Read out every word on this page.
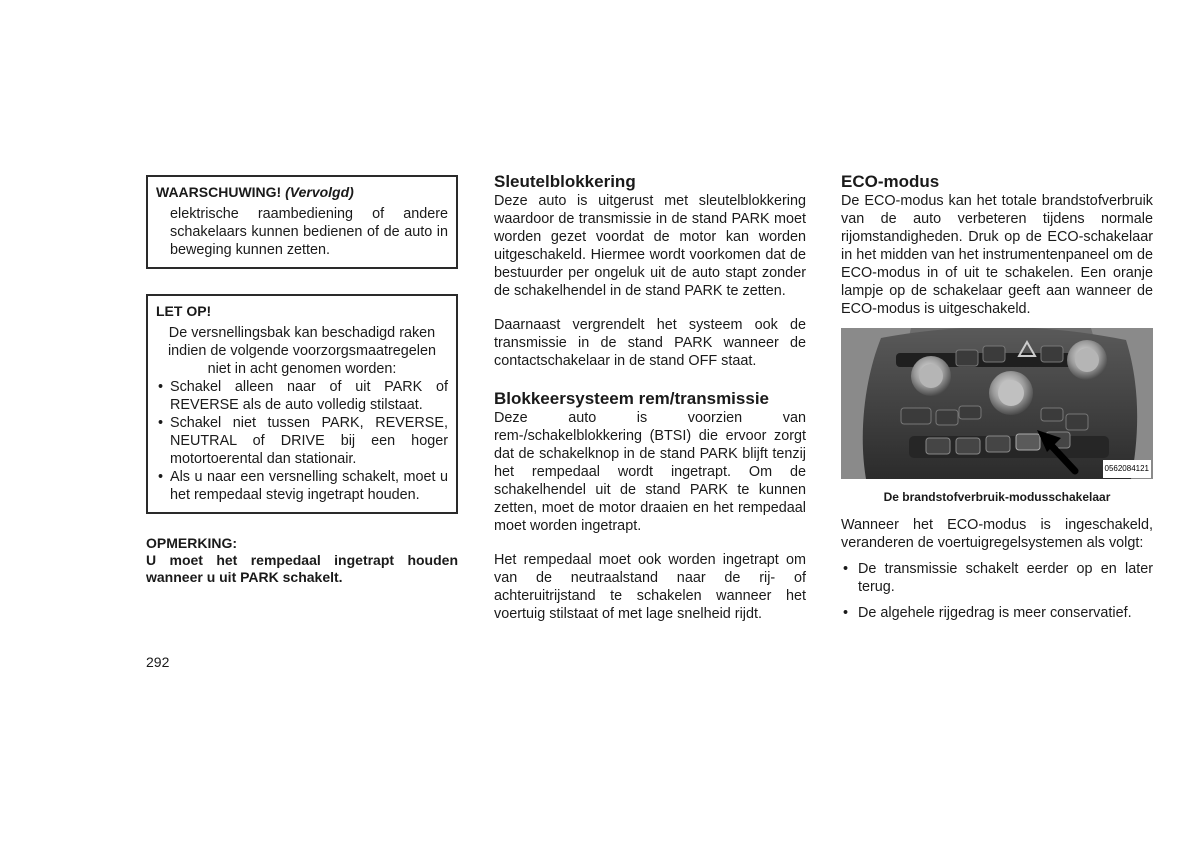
WAARSCHUWING! (Vervolgd)
elektrische raambediening of andere schakelaars kunnen bedienen of de auto in beweging kunnen zetten.
LET OP!
De versnellingsbak kan beschadigd raken indien de volgende voorzorgsmaatregelen niet in acht genomen worden:
• Schakel alleen naar of uit PARK of REVERSE als de auto volledig stilstaat.
• Schakel niet tussen PARK, REVERSE, NEUTRAL of DRIVE bij een hoger motortoerental dan stationair.
• Als u naar een versnelling schakelt, moet u het rempedaal stevig ingetrapt houden.
OPMERKING:
U moet het rempedaal ingetrapt houden wanneer u uit PARK schakelt.
292
Sleutelblokkering

Deze auto is uitgerust met sleutelblokkering waardoor de transmissie in de stand PARK moet worden gezet voordat de motor kan worden uitgeschakeld. Hiermee wordt voorkomen dat de bestuurder per ongeluk uit de auto stapt zonder de schakelhendel in de stand PARK te zetten.

Daarnaast vergrendelt het systeem ook de transmissie in de stand PARK wanneer de contactschakelaar in de stand OFF staat.

Blokkeersysteem rem/transmissie

Deze auto is voorzien van rem-/schakelblokkering (BTSI) die ervoor zorgt dat de schakelknop in de stand PARK blijft tenzij het rempedaal wordt ingetrapt. Om de schakelhendel uit de stand PARK te kunnen zetten, moet de motor draaien en het rempedaal moet worden ingetrapt.

Het rempedaal moet ook worden ingetrapt om van de neutraalstand naar de rij- of achteruitrijstand te schakelen wanneer het voertuig stilstaat of met lage snelheid rijdt.

ECO-modus

De ECO-modus kan het totale brandstofverbruik van de auto verbeteren tijdens normale rijomstandigheden. Druk op de ECO-schakelaar in het midden van het instrumentenpaneel om de ECO-modus in of uit te schakelen. Een oranje lampje op de schakelaar geeft aan wanneer de ECO-modus is uitgeschakeld.

0562084121
De brandstofverbruik-modusschakelaar

Wanneer het ECO-modus is ingeschakeld, veranderen de voertuigregelsystemen als volgt:

• De transmissie schakelt eerder op en later terug.
• De algehele rijgedrag is meer conservatief.
